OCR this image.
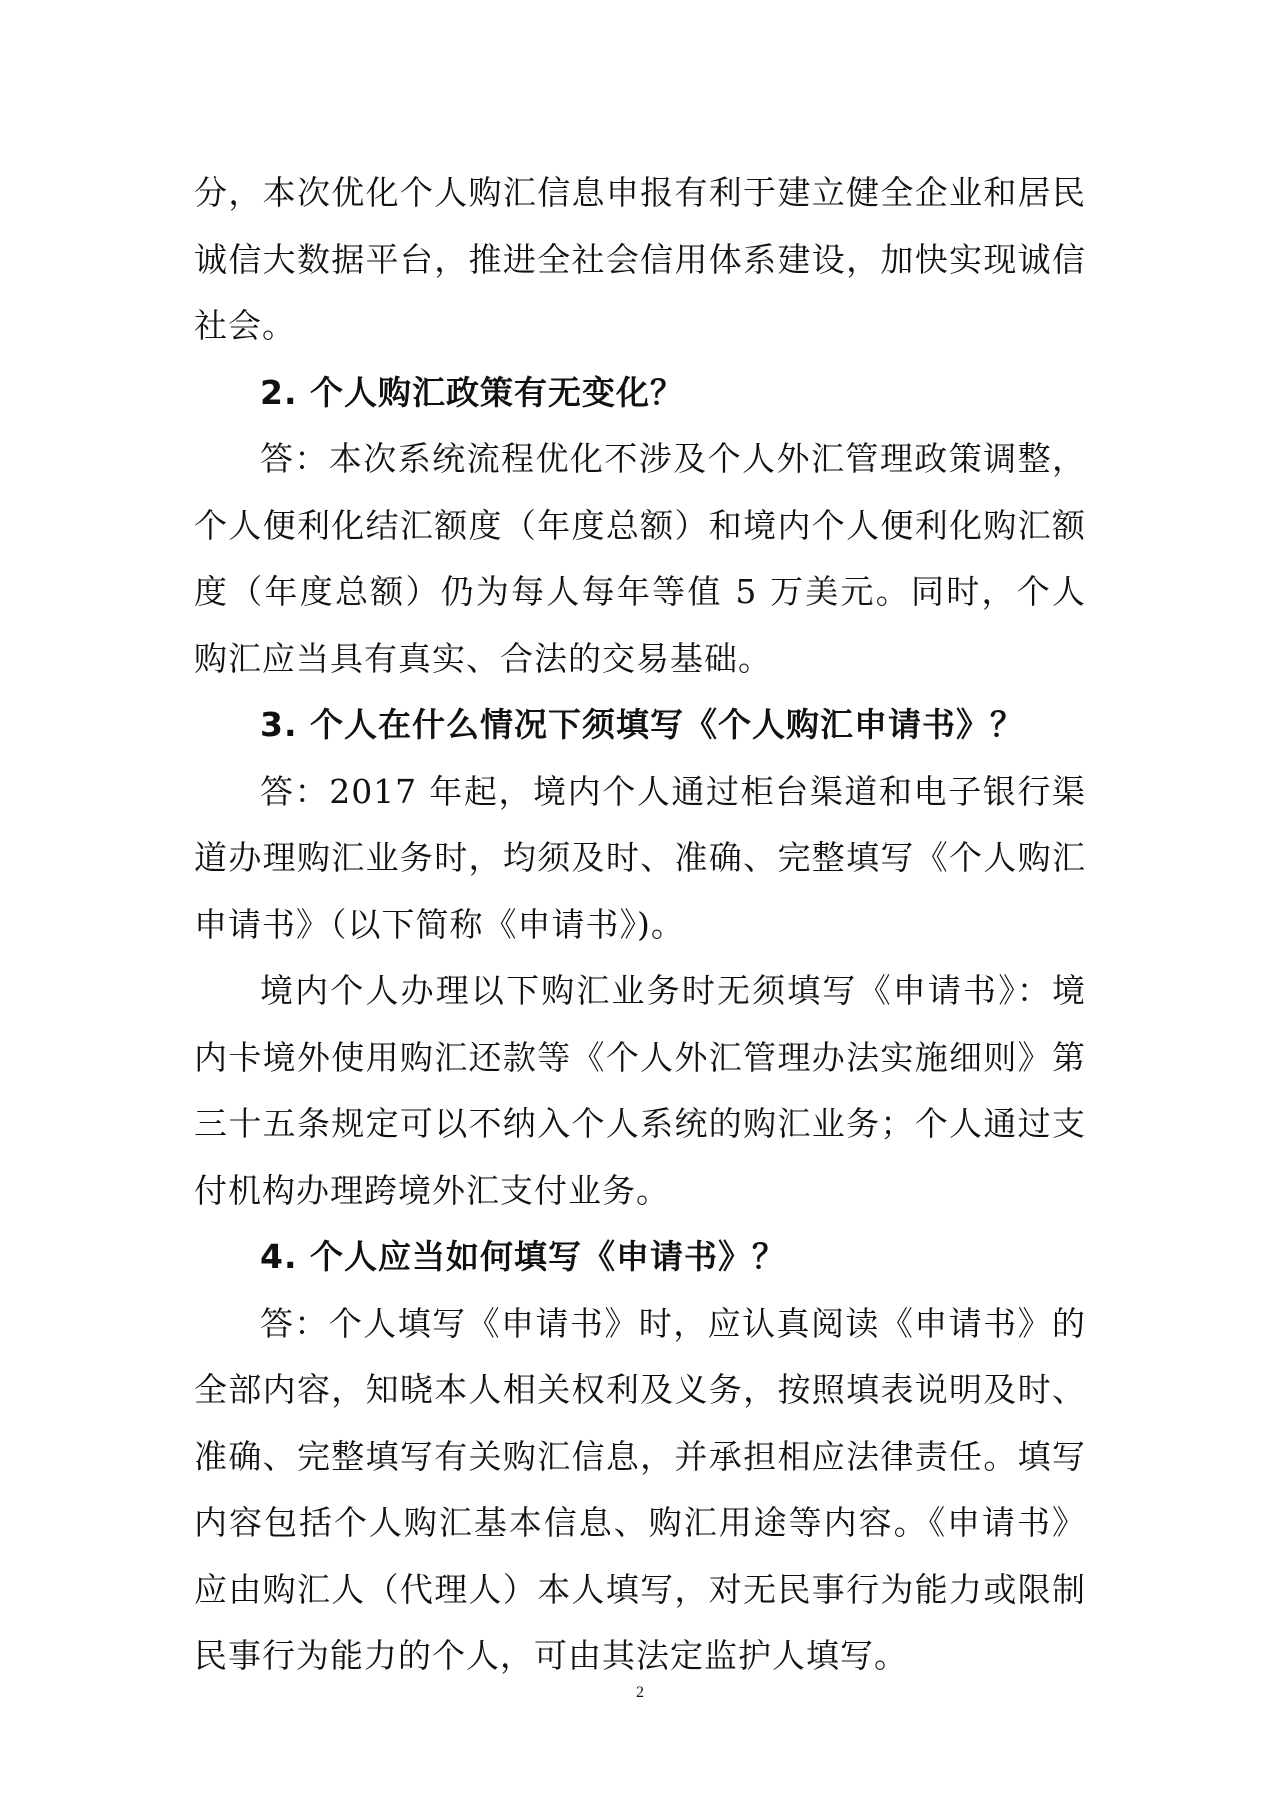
分，本次优化个人购汇信息申报有利于建立健全企业和居民诚信大数据平台，推进全社会信用体系建设，加快实现诚信社会。

2. 个人购汇政策有无变化？

答：本次系统流程优化不涉及个人外汇管理政策调整，个人便利化结汇额度（年度总额）和境内个人便利化购汇额度（年度总额）仍为每人每年等值 5 万美元。同时，个人购汇应当具有真实、合法的交易基础。

3. 个人在什么情况下须填写《个人购汇申请书》？

答：2017 年起，境内个人通过柜台渠道和电子银行渠道办理购汇业务时，均须及时、准确、完整填写《个人购汇申请书》（以下简称《申请书》)。

境内个人办理以下购汇业务时无须填写《申请书》：境内卡境外使用购汇还款等《个人外汇管理办法实施细则》第三十五条规定可以不纳入个人系统的购汇业务；个人通过支付机构办理跨境外汇支付业务。

4. 个人应当如何填写《申请书》？

答：个人填写《申请书》时，应认真阅读《申请书》的全部内容，知晓本人相关权利及义务，按照填表说明及时、准确、完整填写有关购汇信息，并承担相应法律责任。填写内容包括个人购汇基本信息、购汇用途等内容。《申请书》应由购汇人（代理人）本人填写，对无民事行为能力或限制民事行为能力的个人，可由其法定监护人填写。

2
